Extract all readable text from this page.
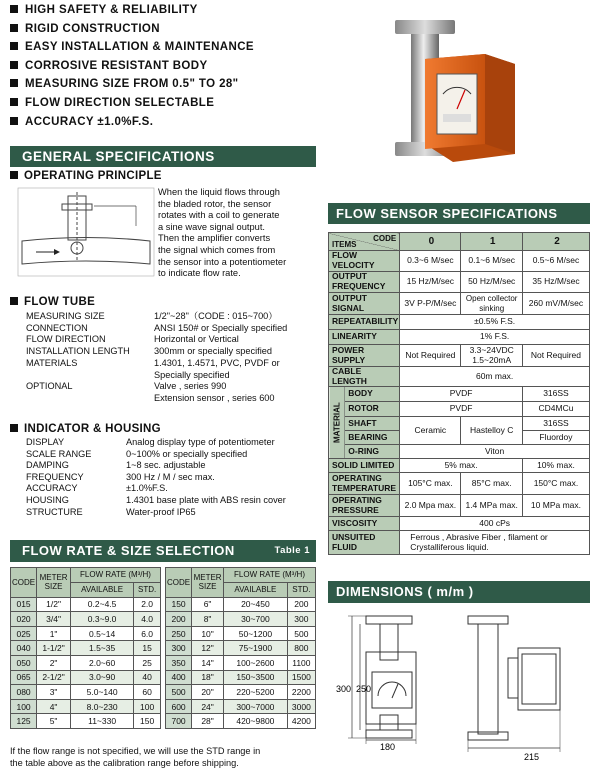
HIGH SAFETY & RELIABILITY
RIGID CONSTRUCTION
EASY INSTALLATION & MAINTENANCE
CORROSIVE RESISTANT BODY
MEASURING SIZE FROM 0.5" TO 28"
FLOW DIRECTION SELECTABLE
ACCURACY ±1.0%F.S.
GENERAL SPECIFICATIONS
OPERATING PRINCIPLE
When the liquid flows through
the bladed rotor, the sensor
rotates with a coil to generate
a sine wave signal output.
Then the amplifier converts
the signal which comes from
the sensor into a potentiometer
to indicate flow rate.
FLOW TUBE
MEASURING SIZE	1/2"~28"（CODE : 015~700）
CONNECTION	ANSI 150# or Specially specified
FLOW DIRECTION	Horizontal or Vertical
INSTALLATION LENGTH	300mm or specially specified
MATERIALS	1.4301, 1.4571, PVC, PVDF or
Specially specified
OPTIONAL	Valve , series 990
Extension sensor , series 600
INDICATOR & HOUSING
DISPLAY	Analog display type of potentiometer
SCALE RANGE	0~100% or specially specified
DAMPING	1~8 sec. adjustable
FREQUENCY	300 Hz / M / sec max.
ACCURACY	±1.0%F.S.
HOUSING	1.4301 base plate with ABS resin cover
STRUCTURE	Water-proof IP65
FLOW SENSOR SPECIFICATIONS
CODE
ITEMS		0	1	2
FLOW VELOCITY		0.3~6 M/sec	0.1~6 M/sec	0.5~6 M/sec
OUTPUT FREQUENCY		15 Hz/M/sec	50 Hz/M/sec	35 Hz/M/sec
OUTPUT SIGNAL		3V P-P/M/sec	Open collector sinking	260 mV/M/sec
REPEATABILITY		±0.5% F.S.		
LINEARITY		1% F.S.		
POWER SUPPLY		Not Required	3.3~24VDC 1.5~20mA	Not Required
CABLE LENGTH		60m max.		
MATERIAL	BODY	PVDF		316SS
	ROTOR	PVDF		CD4MCu
	SHAFT	Ceramic	Hastelloy C	316SS
	BEARING			Fluordoy
	O-RING	Viton		
SOLID LIMITED		5% max.		10% max.
OPERATING TEMPERATURE		105°C max.	85°C max.	150°C max.
OPERATING PRESSURE		2.0 Mpa max.	1.4 MPa max.	10 MPa max.
VISCOSITY		400 cPs		
UNSUITED FLUID		Ferrous , Abrasive Fiber , filament or Crystalliferous liquid.		
FLOW RATE & SIZE SELECTION	Table 1
CODE	METER SIZE	FLOW RATE (M³/H)	
		AVAILABLE	STD.
015	1/2"	0.2~4.5	2.0
020	3/4"	0.3~9.0	4.0
025	1"	0.5~14	6.0
040	1-1/2"	1.5~35	15
050	2"	2.0~60	25
065	2-1/2"	3.0~90	40
080	3"	5.0~140	60
100	4"	8.0~230	100
125	5"	11~330	150
CODE	METER SIZE	FLOW RATE (M³/H)	
		AVAILABLE	STD.
150	6"	20~450	200
200	8"	30~700	300
250	10"	50~1200	500
300	12"	75~1900	800
350	14"	100~2600	1100
400	18"	150~3500	1500
500	20"	220~5200	2200
600	24"	300~7000	3000
700	28"	420~9800	4200
If the flow range is not specified, we will use the STD range in
the table above as the calibration range before shipping.
DIMENSIONS ( m/m )
300 250
180
215
